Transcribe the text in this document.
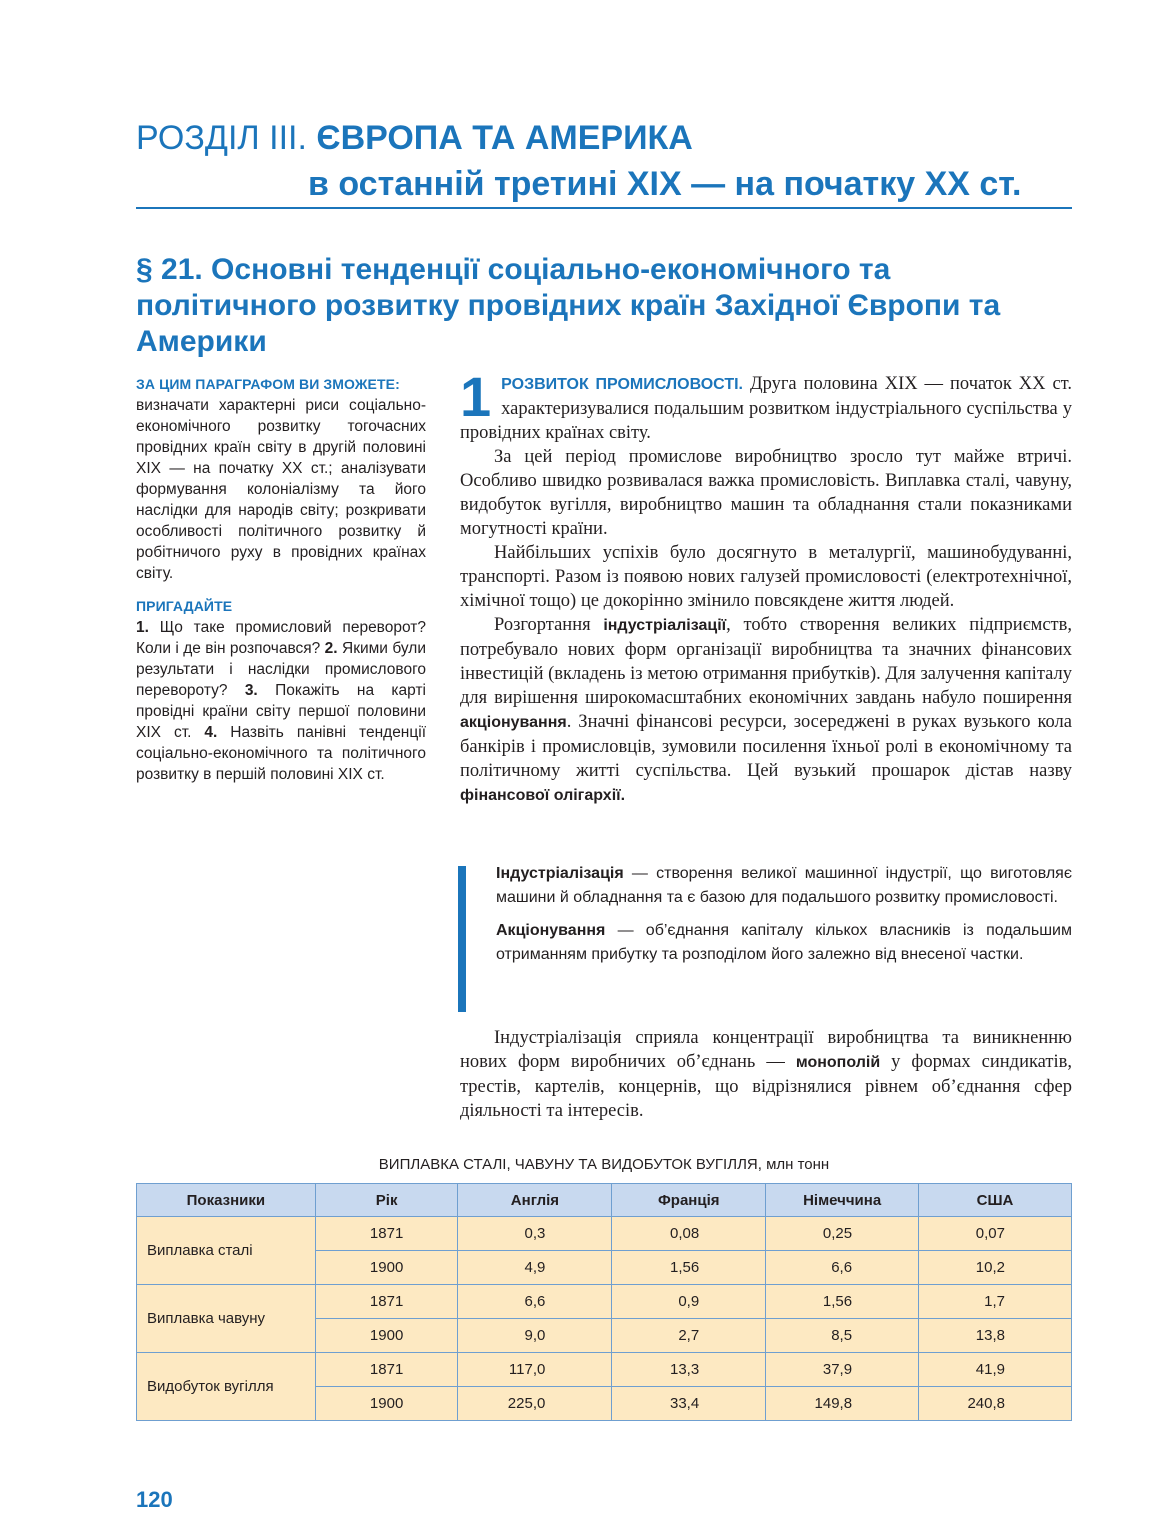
РОЗДІЛ III. ЄВРОПА ТА АМЕРИКА
в останній третині ХІХ — на початку ХХ ст.
§ 21. Основні тенденції соціально-економічного та політичного розвитку провідних країн Західної Європи та Америки
ЗА ЦИМ ПАРАГРАФОМ ВИ ЗМОЖЕТЕ:

визначати характерні риси соціально-економічного розвитку тогочасних провідних країн світу в другій половині ХІХ — на початку ХХ ст.; аналізувати формування колоніалізму та його наслідки для народів світу; розкривати особливості політичного розвитку й робітничого руху в провідних країнах світу.

ПРИГАДАЙТЕ

1. Що таке промисловий переворот? Коли і де він розпочався? 2. Якими були результати і наслідки промислового перевороту? 3. Покажіть на карті провідні країни світу першої половини ХІХ ст. 4. Назвіть панівні тенденції соціально-економічного та політичного розвитку в першій половині ХІХ ст.

1 РОЗВИТОК ПРОМИСЛОВОСТІ. Друга половина ХІХ — початок ХХ ст. характеризувалися подальшим розвитком індустріального суспільства у провідних країнах світу.

За цей період промислове виробництво зросло тут майже втричі. Особливо швидко розвивалася важка промисловість. Виплавка сталі, чавуну, видобуток вугілля, виробництво машин та обладнання стали показниками могутності країни.

Найбільших успіхів було досягнуто в металургії, машинобудуванні, транспорті. Разом із появою нових галузей промисловості (електротехнічної, хімічної тощо) це докорінно змінило повсякдене життя людей.

Розгортання індустріалізації, тобто створення великих підприємств, потребувало нових форм організації виробництва та значних фінансових інвестицій (вкладень із метою отримання прибутків). Для залучення капіталу для вирішення широкомасштабних економічних завдань набуло поширення акціонування. Значні фінансові ресурси, зосереджені в руках вузького кола банкірів і промисловців, зумовили посилення їхньої ролі в економічному та політичному житті суспільства. Цей вузький прошарок дістав назву фінансової олігархії.

Індустріалізація — створення великої машинної індустрії, що виготовляє машини й обладнання та є базою для подальшого розвитку промисловості.

Акціонування — об’єднання капіталу кількох власників із подальшим отриманням прибутку та розподілом його залежно від внесеної частки.

Індустріалізація сприяла концентрації виробництва та виникненню нових форм виробничих об’єднань — монополій у формах синдикатів, трестів, картелів, концернів, що відрізнялися рівнем об’єднання сфер діяльності та інтересів.

ВИПЛАВКА СТАЛІ, ЧАВУНУ ТА ВИДОБУТОК ВУГІЛЛЯ, млн тонн
Показники	Рік	Англія	Франція	Німеччина	США
Виплавка сталі	1871	0,3	0,08	0,25	0,07
	1900	4,9	1,56	6,6	10,2
Виплавка чавуну	1871	6,6	0,9	1,56	1,7
	1900	9,0	2,7	8,5	13,8
Видобуток вугілля	1871	117,0	13,3	37,9	41,9
	1900	225,0	33,4	149,8	240,8
120
